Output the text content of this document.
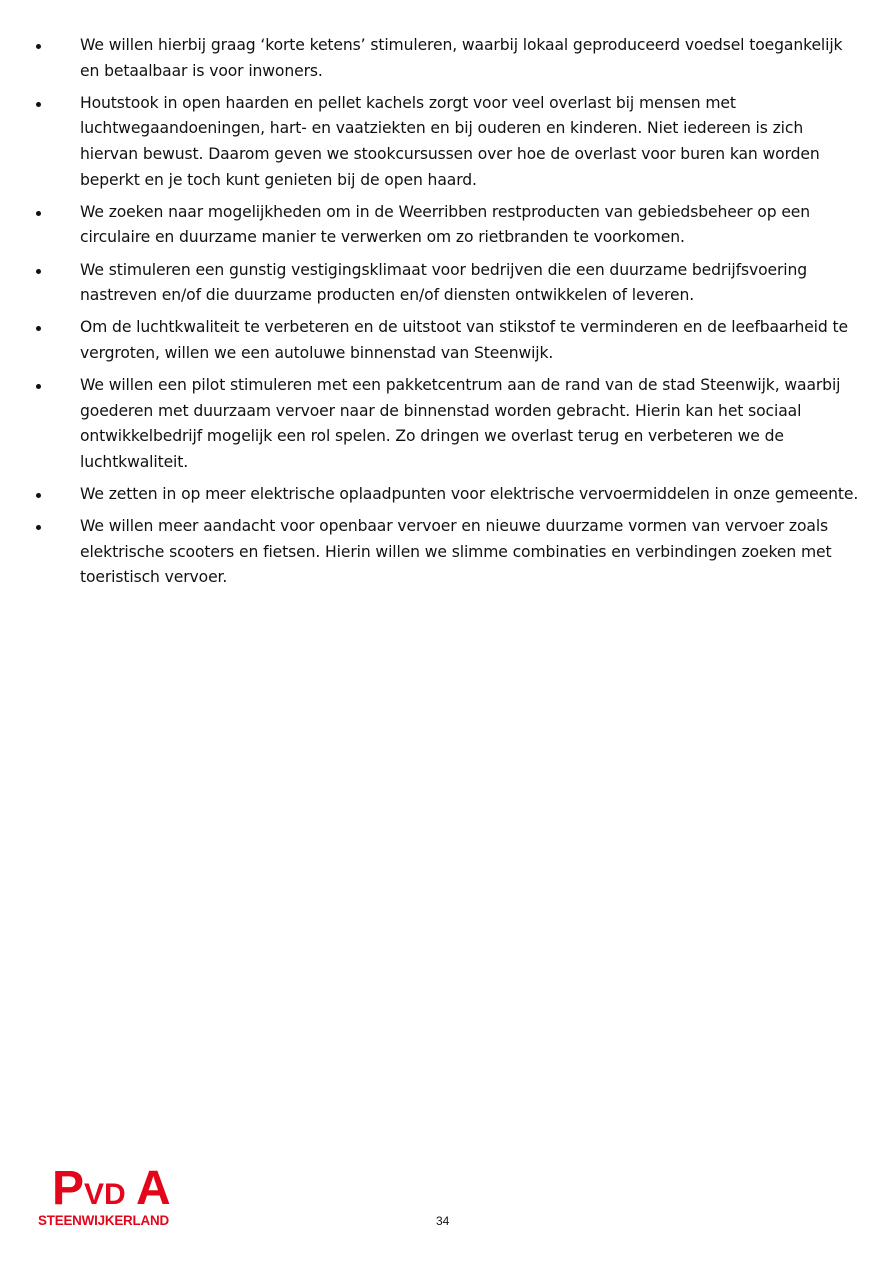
We willen hierbij graag ‘korte ketens’ stimuleren, waarbij lokaal geproduceerd voedsel toegankelijk en betaalbaar is voor inwoners.
Houtstook in open haarden en pellet kachels zorgt voor veel overlast bij mensen met luchtwegaandoeningen, hart- en vaatziekten en bij ouderen en kinderen. Niet iedereen is zich hiervan bewust. Daarom geven we stookcursussen over hoe de overlast voor buren kan worden beperkt en je toch kunt genieten bij de open haard.
We zoeken naar mogelijkheden om in de Weerribben restproducten van gebiedsbeheer op een circulaire en duurzame manier te verwerken om zo rietbranden te voorkomen.
We stimuleren een gunstig vestigingsklimaat voor bedrijven die een duurzame bedrijfsvoering nastreven en/of die duurzame producten en/of diensten ontwikkelen of leveren.
Om de luchtkwaliteit te verbeteren en de uitstoot van stikstof te verminderen en de leefbaarheid te vergroten, willen we een autoluwe binnenstad van Steenwijk.
We willen een pilot stimuleren met een pakketcentrum aan de rand van de stad Steenwijk, waarbij goederen met duurzaam vervoer naar de binnenstad worden gebracht. Hierin kan het sociaal ontwikkelbedrijf mogelijk een rol spelen. Zo dringen we overlast terug en verbeteren we de luchtkwaliteit.
We zetten in op meer elektrische oplaadpunten voor elektrische vervoermiddelen in onze gemeente.
We willen meer aandacht voor openbaar vervoer en nieuwe duurzame vormen van vervoer zoals elektrische scooters en fietsen. Hierin willen we slimme combinaties en verbindingen zoeken met toeristisch vervoer.
P VD A
STEENWIJKERLAND	34
